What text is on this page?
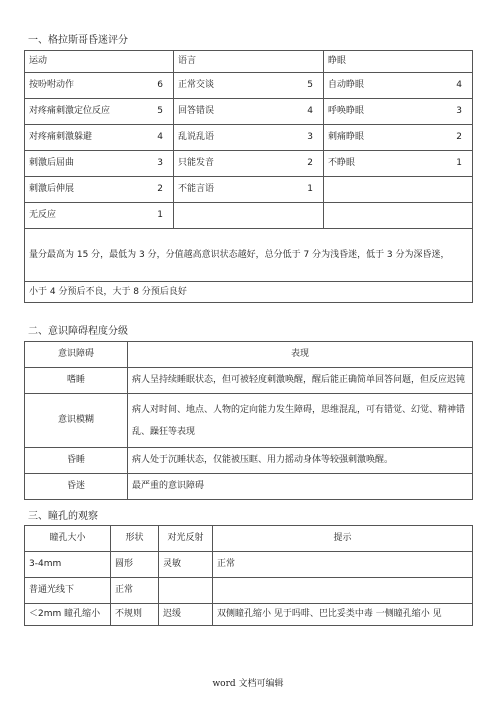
一、格拉斯哥昏迷评分
运动	语言	睁眼
按吩咐动作 6	正常交谈 5	自动睁眼 4

对疼痛刺激定位反应 5	回答错误 4	呼唤睁眼 3

对疼痛刺激躲避 4	乱说乱语 3	刺痛睁眼 2

刺激后屈曲 3	只能发音 2	不睁眼 1

刺激后伸展 2	不能言语 1	

无反应 1		

量分最高为 15 分，最低为 3 分，分值越高意识状态越好，总分低于 7 分为浅昏迷，低于 3 分为深昏迷，		
小于 4 分预后不良，大于 8 分预后良好		
二、意识障碍程度分级
意识障碍	表现
嗜睡	病人呈持续睡眠状态，但可被轻度刺激唤醒，醒后能正确简单回答问题，但反应迟钝
意识模糊	病人对时间、地点、人物的定向能力发生障碍，思维混乱，可有错觉、幻觉、精神错乱、躁狂等表现
昏睡	病人处于沉睡状态，仅能被压眶、用力摇动身体等较强刺激唤醒。
昏迷	最严重的意识障碍
三、瞳孔的观察
瞳孔大小	形状	对光反射	提示
3-4mm	圆形	灵敏	正常
普通光线下	正常		
＜2mm 瞳孔缩小	不规则	迟缓	双侧瞳孔缩小 见于吗啡、巴比妥类中毒 一侧瞳孔缩小 见
word 文档可编辑
